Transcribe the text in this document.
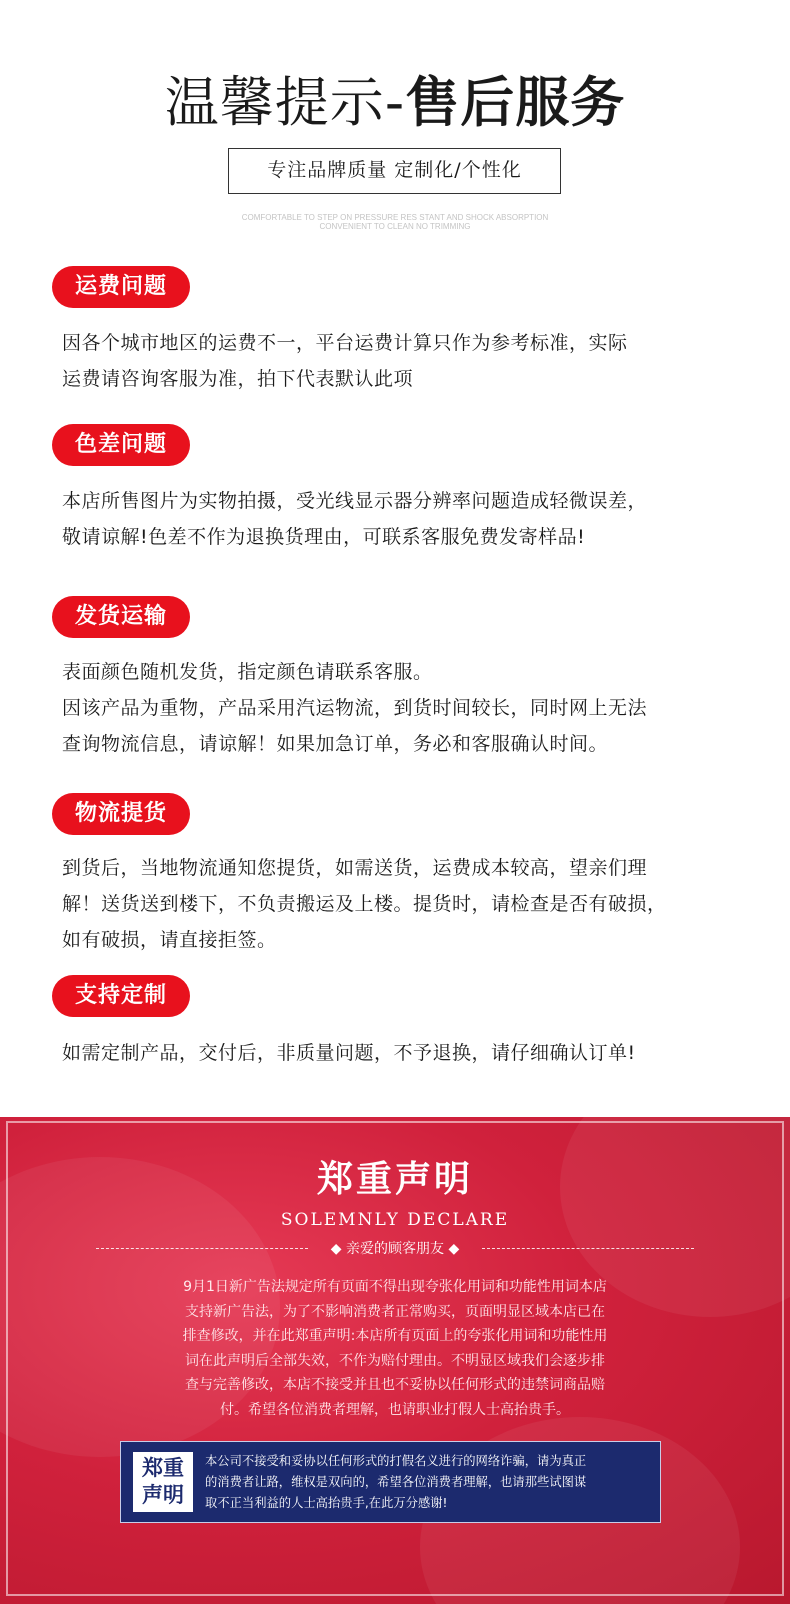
温馨提示-售后服务
专注品牌质量 定制化/个性化
COMFORTABLE TO STEP ON PRESSURE RES STANT AND SHOCK ABSORPTION
CONVENIENT TO CLEAN NO TRIMMING
运费问题
因各个城市地区的运费不一，平台运费计算只作为参考标准，实际
运费请咨询客服为准，拍下代表默认此项
色差问题
本店所售图片为实物拍摄，受光线显示器分辨率问题造成轻微误差，
敬请谅解!色差不作为退换货理由，可联系客服免费发寄样品!
发货运输
表面颜色随机发货，指定颜色请联系客服。
因该产品为重物，产品采用汽运物流，到货时间较长，同时网上无法
查询物流信息，请谅解！如果加急订单，务必和客服确认时间。
物流提货
到货后，当地物流通知您提货，如需送货，运费成本较高，望亲们理
解！送货送到楼下，不负责搬运及上楼。提货时，请检查是否有破损，
如有破损，请直接拒签。
支持定制
如需定制产品，交付后，非质量问题，不予退换，请仔细确认订单!
郑重声明
SOLEMNLY DECLARE
◆ 亲爱的顾客朋友 ◆
9月1日新广告法规定所有页面不得出现夸张化用词和功能性用词本店
支持新广告法，为了不影响消费者正常购买，页面明显区域本店已在
排查修改，并在此郑重声明:本店所有页面上的夸张化用词和功能性用
词在此声明后全部失效，不作为赔付理由。不明显区域我们会逐步排
查与完善修改，本店不接受并且也不妥协以任何形式的违禁词商品赔
付。希望各位消费者理解，也请职业打假人士高抬贵手。
郑重
声明
本公司不接受和妥协以任何形式的打假名义进行的网络诈骗，请为真正
的消费者让路，维权是双向的，希望各位消费者理解，也请那些试图谋
取不正当利益的人士高抬贵手,在此万分感谢!
